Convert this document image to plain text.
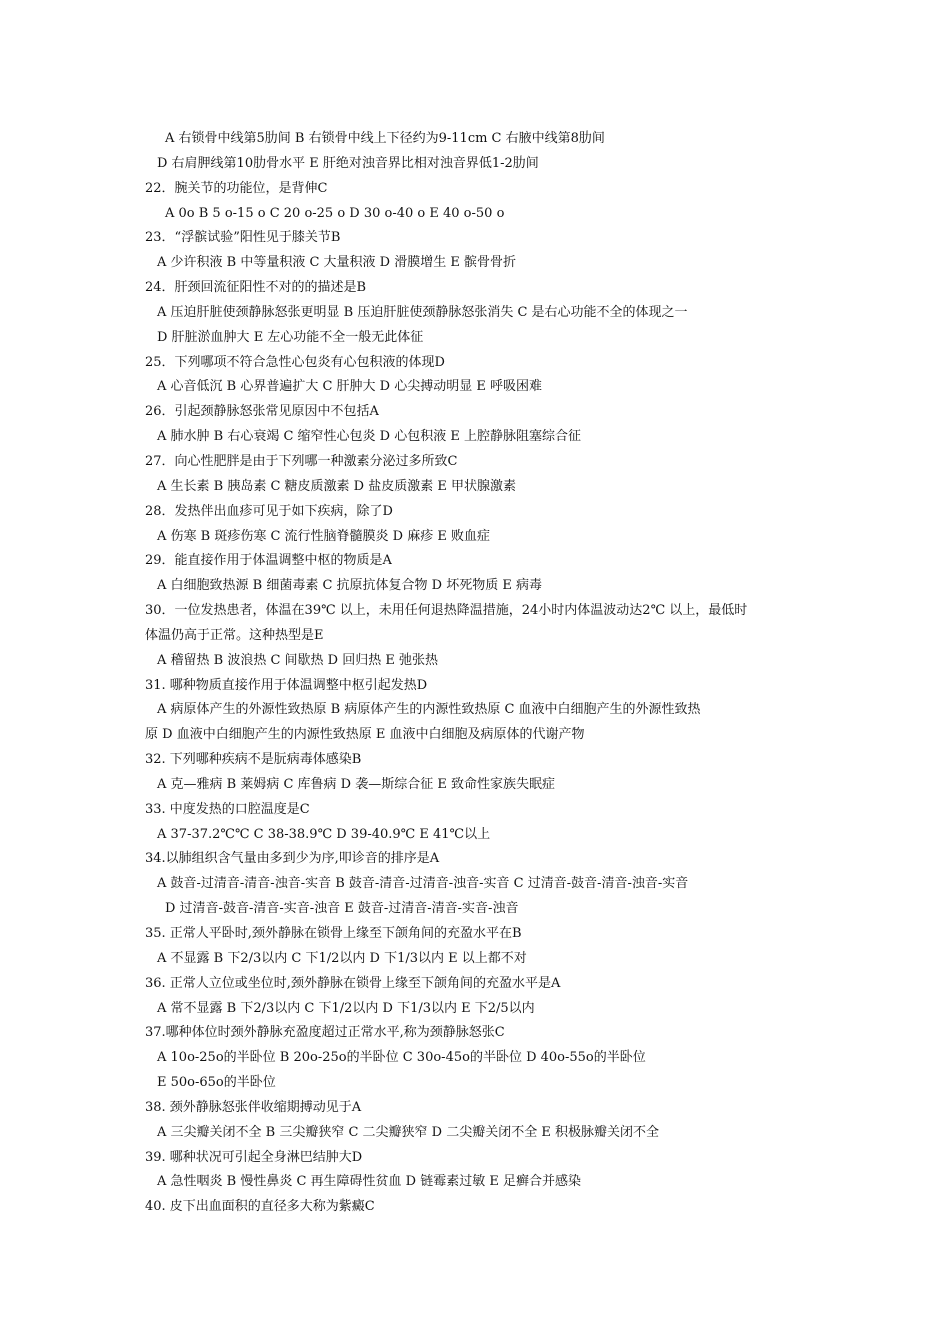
A 右锁骨中线第5肋间 B 右锁骨中线上下径约为9-11cm C 右腋中线第8肋间
D 右肩胛线第10肋骨水平 E 肝绝对浊音界比相对浊音界低1-2肋间
22．腕关节的功能位，是背伸C
A 0o B 5 o-15 o C 20 o-25 o D 30 o-40 o E 40 o-50 o
23．“浮髌试验”阳性见于膝关节B
A 少许积液 B 中等量积液 C 大量积液 D 滑膜增生 E 髌骨骨折
24．肝颈回流征阳性不对的的描述是B
A 压迫肝脏使颈静脉怒张更明显 B 压迫肝脏使颈静脉怒张消失 C 是右心功能不全的体现之一
D 肝脏淤血肿大 E 左心功能不全一般无此体征
25．下列哪项不符合急性心包炎有心包积液的体现D
A 心音低沉 B 心界普遍扩大 C 肝肿大 D 心尖搏动明显 E 呼吸困难
26．引起颈静脉怒张常见原因中不包括A
A 肺水肿 B 右心衰竭 C 缩窄性心包炎 D 心包积液 E 上腔静脉阻塞综合征
27．向心性肥胖是由于下列哪一种激素分泌过多所致C
A 生长素 B 胰岛素 C 糖皮质激素 D 盐皮质激素 E 甲状腺激素
28．发热伴出血疹可见于如下疾病，除了D
A 伤寒 B 斑疹伤寒 C 流行性脑脊髓膜炎 D 麻疹 E 败血症
29．能直接作用于体温调整中枢的物质是A
A 白细胞致热源 B 细菌毒素 C 抗原抗体复合物 D 坏死物质 E 病毒
30．一位发热患者，体温在39℃ 以上，未用任何退热降温措施，24小时内体温波动达2℃ 以上，最低时
体温仍高于正常。这种热型是E
A 稽留热 B 波浪热 C 间歇热 D 回归热 E 弛张热
31. 哪种物质直接作用于体温调整中枢引起发热D
A 病原体产生的外源性致热原 B 病原体产生的内源性致热原 C 血液中白细胞产生的外源性致热
原 D 血液中白细胞产生的内源性致热原 E 血液中白细胞及病原体的代谢产物
32. 下列哪种疾病不是朊病毒体感染B
A 克—雅病 B 莱姆病 C 库鲁病 D 袭—斯综合征 E 致命性家族失眠症
33. 中度发热的口腔温度是C
A 37-37.2℃℃ C 38-38.9℃ D 39-40.9℃ E 41℃以上
34.以肺组织含气量由多到少为序,叩诊音的排序是A
A 鼓音-过清音-清音-浊音-实音 B 鼓音-清音-过清音-浊音-实音 C 过清音-鼓音-清音-浊音-实音
D 过清音-鼓音-清音-实音-浊音 E 鼓音-过清音-清音-实音-浊音
35. 正常人平卧时,颈外静脉在锁骨上缘至下颌角间的充盈水平在B
A 不显露 B 下2/3以内 C 下1/2以内 D 下1/3以内 E 以上都不对
36. 正常人立位或坐位时,颈外静脉在锁骨上缘至下颌角间的充盈水平是A
A 常不显露 B 下2/3以内 C 下1/2以内 D 下1/3以内 E 下2/5以内
37.哪种体位时颈外静脉充盈度超过正常水平,称为颈静脉怒张C
A 10o-25o的半卧位 B 20o-25o的半卧位 C 30o-45o的半卧位 D 40o-55o的半卧位
E 50o-65o的半卧位
38. 颈外静脉怒张伴收缩期搏动见于A
A 三尖瓣关闭不全 B 三尖瓣狭窄 C 二尖瓣狭窄 D 二尖瓣关闭不全 E 积极脉瓣关闭不全
39. 哪种状况可引起全身淋巴结肿大D
A 急性咽炎 B 慢性鼻炎 C 再生障碍性贫血 D 链霉素过敏 E 足癣合并感染
40. 皮下出血面积的直径多大称为紫癜C
